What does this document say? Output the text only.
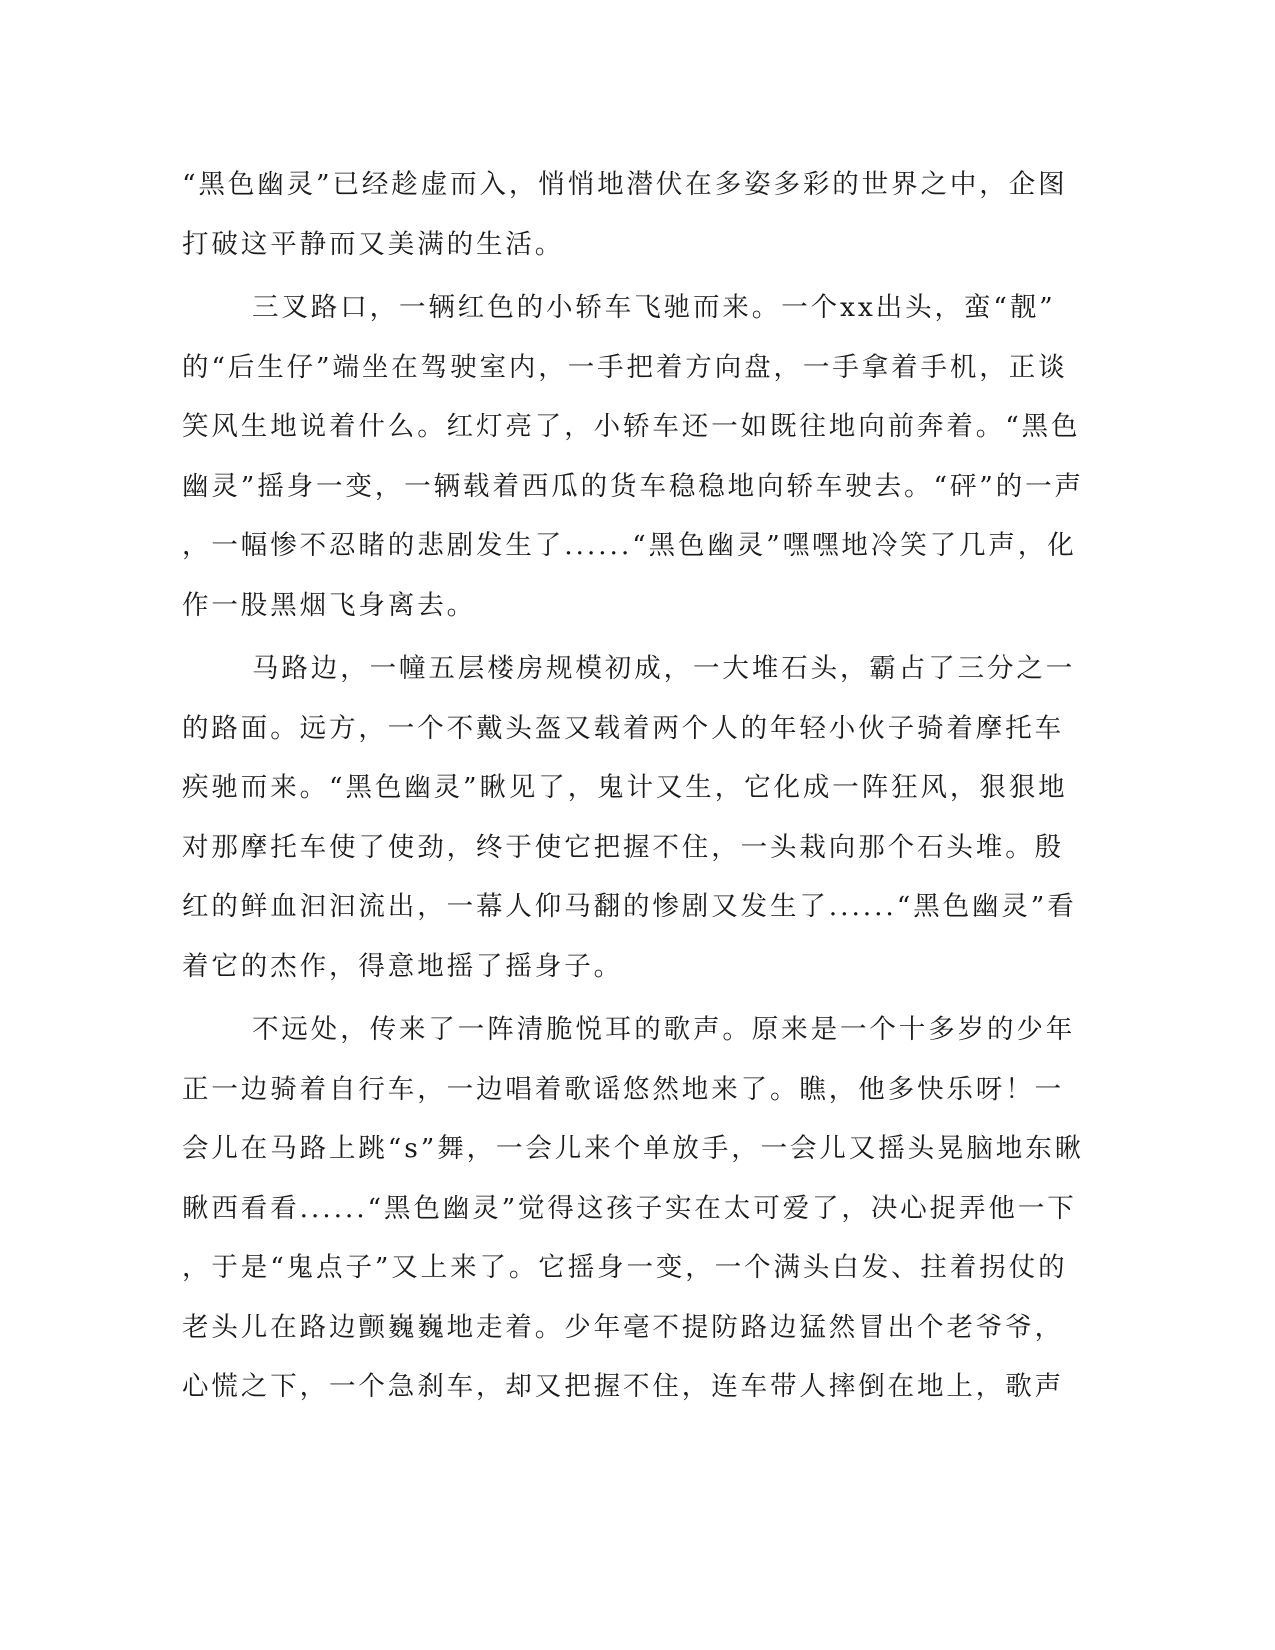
“黑色幽灵”已经趁虚而入，悄悄地潜伏在多姿多彩的世界之中，企图
打破这平静而又美满的生活。
三叉路口，一辆红色的小轿车飞驰而来。一个xx出头，蛮“靓”
的“后生仔”端坐在驾驶室内，一手把着方向盘，一手拿着手机，正谈
笑风生地说着什么。红灯亮了，小轿车还一如既往地向前奔着。“黑色
幽灵”摇身一变，一辆载着西瓜的货车稳稳地向轿车驶去。“砰”的一声
，一幅惨不忍睹的悲剧发生了......“黑色幽灵”嘿嘿地冷笑了几声，化
作一股黑烟飞身离去。
马路边，一幢五层楼房规模初成，一大堆石头，霸占了三分之一
的路面。远方，一个不戴头盔又载着两个人的年轻小伙子骑着摩托车
疾驰而来。“黑色幽灵”瞅见了，鬼计又生，它化成一阵狂风，狠狠地
对那摩托车使了使劲，终于使它把握不住，一头栽向那个石头堆。殷
红的鲜血汩汩流出，一幕人仰马翻的惨剧又发生了......“黑色幽灵”看
着它的杰作，得意地摇了摇身子。
不远处，传来了一阵清脆悦耳的歌声。原来是一个十多岁的少年
正一边骑着自行车，一边唱着歌谣悠然地来了。瞧，他多快乐呀！一
会儿在马路上跳“s”舞，一会儿来个单放手，一会儿又摇头晃脑地东瞅
瞅西看看......“黑色幽灵”觉得这孩子实在太可爱了，决心捉弄他一下
，于是“鬼点子”又上来了。它摇身一变，一个满头白发、拄着拐仗的
老头儿在路边颤巍巍地走着。少年毫不提防路边猛然冒出个老爷爷，
心慌之下，一个急刹车，却又把握不住，连车带人摔倒在地上，歌声
